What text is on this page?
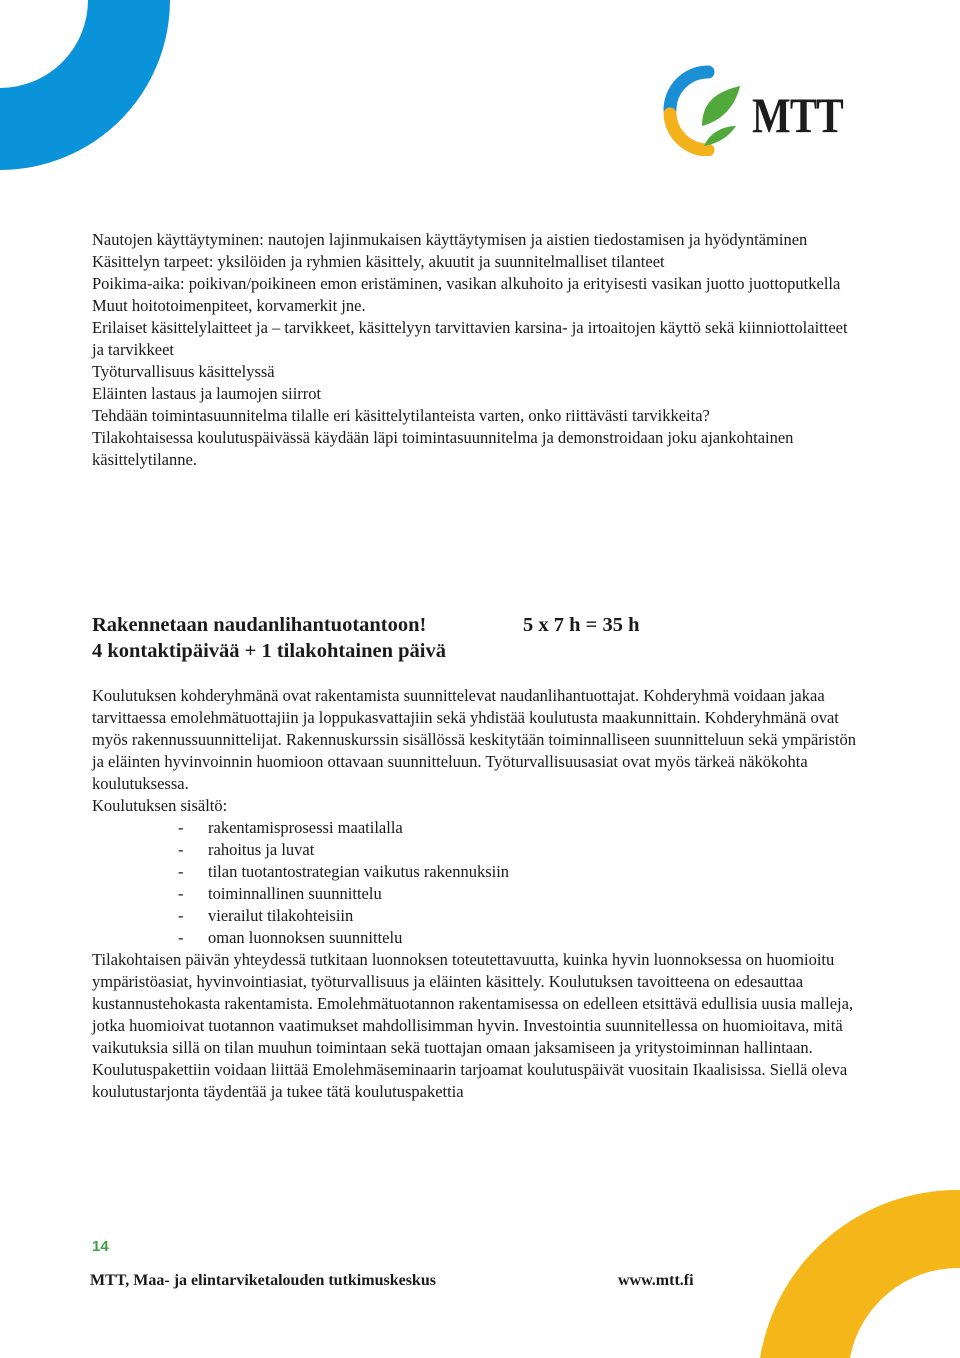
MTT

Nautojen käyttäytyminen: nautojen lajinmukaisen käyttäytymisen ja aistien tiedostamisen ja hyödyntäminen

Käsittelyn tarpeet: yksilöiden ja ryhmien käsittely, akuutit ja suunnitelmalliset tilanteet

Poikima-aika: poikivan/poikineen emon eristäminen, vasikan alkuhoito ja erityisesti vasikan juotto juottoputkella

Muut hoitotoimenpiteet, korvamerkit jne.

Erilaiset käsittelylaitteet ja – tarvikkeet, käsittelyyn tarvittavien karsina- ja irtoaitojen käyttö sekä kiinniottolaitteet ja tarvikkeet

Työturvallisuus käsittelyssä

Eläinten lastaus ja laumojen siirrot

Tehdään toimintasuunnitelma tilalle eri käsittelytilanteista varten, onko riittävästi tarvikkeita?

Tilakohtaisessa koulutuspäivässä käydään läpi toimintasuunnitelma ja demonstroidaan joku ajankohtainen käsittelytilanne.

Rakennetaan naudanlihantuotantoon!

4 kontaktipäivää + 1 tilakohtainen päivä

5 x 7 h = 35 h

Koulutuksen kohderyhmänä ovat rakentamista suunnittelevat naudanlihantuottajat. Kohderyhmä voidaan jakaa tarvittaessa emolehmätuottajiin ja loppukasvattajiin sekä yhdistää koulutusta maakunnittain. Kohderyhmänä ovat myös rakennussuunnittelijat. Rakennuskurssin sisällössä keskitytään toiminnalliseen suunnitteluun sekä ympäristön ja eläinten hyvinvoinnin huomioon ottavaan suunnitteluun. Työturvallisuusasiat ovat myös tärkeä näkökohta koulutuksessa.

Koulutuksen sisältö:

- rakentamisprosessi maatilalla
- rahoitus ja luvat
- tilan tuotantostrategian vaikutus rakennuksiin
- toiminnallinen suunnittelu
- vierailut tilakohteisiin
- oman luonnoksen suunnittelu

Tilakohtaisen päivän yhteydessä tutkitaan luonnoksen toteutettavuutta, kuinka hyvin luonnoksessa on huomioitu ympäristöasiat, hyvinvointiasiat, työturvallisuus ja eläinten käsittely. Koulutuksen tavoitteena on edesauttaa kustannustehokasta rakentamista. Emolehmätuotannon rakentamisessa on edelleen etsittävä edullisia uusia malleja, jotka huomioivat tuotannon vaatimukset mahdollisimman hyvin. Investointia suunnitellessa on huomioitava, mitä vaikutuksia sillä on tilan muuhun toimintaan sekä tuottajan omaan jaksamiseen ja yritystoiminnan hallintaan.

Koulutuspakettiin voidaan liittää Emolehmäseminaarin tarjoamat koulutuspäivät vuositain Ikaalisissa. Siellä oleva koulutustarjonta täydentää ja tukee tätä koulutuspakettia

14
MTT, Maa- ja elintarviketalouden tutkimuskeskus	www.mtt.fi
